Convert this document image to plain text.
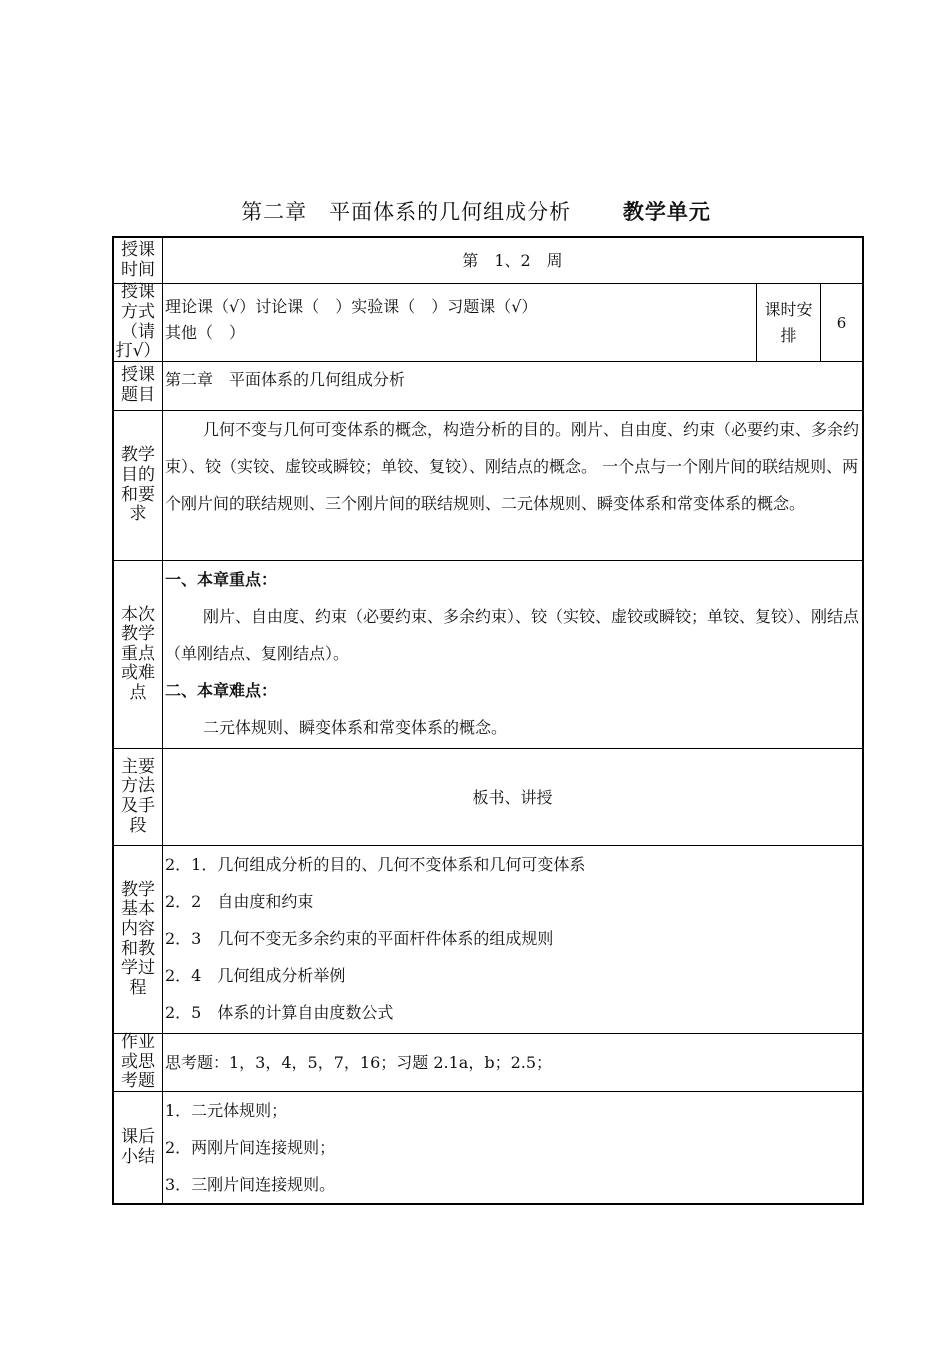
第二章　平面体系的几何组成分析 教学单元
授课时间	第　1、2　周
授课方式（请打√）
理论课（√）讨论课（　）实验课（　）习题课（√）
其他（　）
课时安排
6
授课题目
第二章　平面体系的几何组成分析
教学目的和要求
几何不变与几何可变体系的概念，构造分析的目的。刚片、自由度、约束（必要约束、多余约束）、铰（实铰、虚铰或瞬铰；单铰、复铰）、刚结点的概念。 一个点与一个刚片间的联结规则、两个刚片间的联结规则、三个刚片间的联结规则、二元体规则、瞬变体系和常变体系的概念。
本次教学重点或难点
一、本章重点：
刚片、自由度、约束（必要约束、多余约束）、铰（实铰、虚铰或瞬铰；单铰、复铰）、刚结点（单刚结点、复刚结点）。
二、本章难点：
二元体规则、瞬变体系和常变体系的概念。
主要方法及手段
板书、讲授
教学基本内容和教学过程
2．1．几何组成分析的目的、几何不变体系和几何可变体系
2．2　自由度和约束
2．3　几何不变无多余约束的平面杆件体系的组成规则
2．4　几何组成分析举例
2．5　体系的计算自由度数公式
作业或思考题
思考题：1，3，4，5，7，16；习题 2.1a，b；2.5；
课后小结
1．二元体规则；
2．两刚片间连接规则；
3．三刚片间连接规则。
